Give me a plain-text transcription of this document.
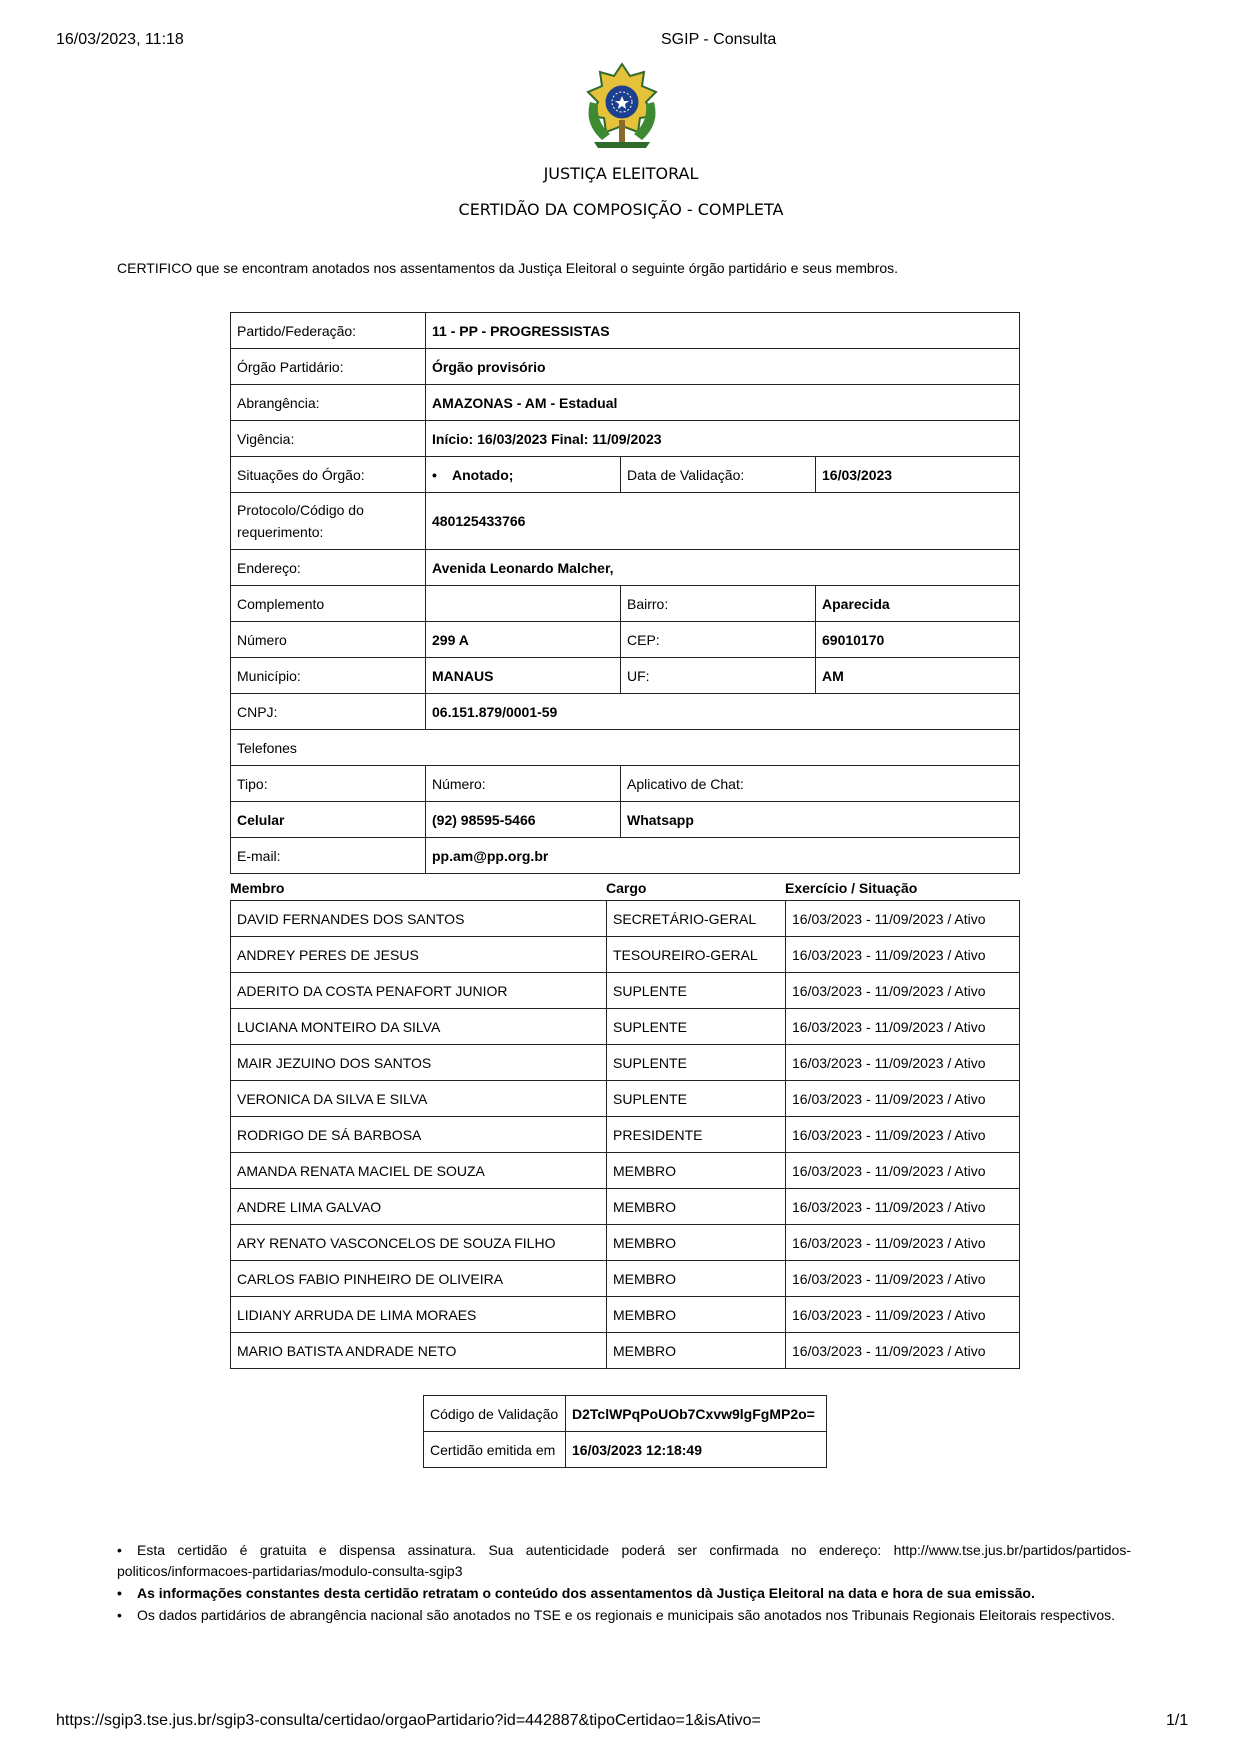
16/03/2023, 11:18	SGIP - Consulta
JUSTIÇA ELEITORAL
CERTIDÃO DA COMPOSIÇÃO - COMPLETA
CERTIFICO que se encontram anotados nos assentamentos da Justiça Eleitoral o seguinte órgão partidário e seus membros.
Partido/Federação:	11 - PP - PROGRESSISTAS		
Órgão Partidário:	Órgão provisório		
Abrangência:	AMAZONAS - AM - Estadual		
Vigência:	Início: 16/03/2023 Final: 11/09/2023		
Situações do Órgão:	• Anotado;	Data de Validação:	16/03/2023
Protocolo/Código do requerimento:	480125433766		
Endereço:	Avenida Leonardo Malcher,		
Complemento		Bairro:	Aparecida
Número	299 A	CEP:	69010170
Município:	MANAUS	UF:	AM
CNPJ:	06.151.879/0001-59		
Telefones			
Tipo:	Número:	Aplicativo de Chat:	
Celular	(92) 98595-5466	Whatsapp	
E-mail:	pp.am@pp.org.br		
Membro	Cargo	Exercício / Situação
DAVID FERNANDES DOS SANTOS	SECRETÁRIO-GERAL	16/03/2023 - 11/09/2023 / Ativo
ANDREY PERES DE JESUS	TESOUREIRO-GERAL	16/03/2023 - 11/09/2023 / Ativo
ADERITO DA COSTA PENAFORT JUNIOR	SUPLENTE	16/03/2023 - 11/09/2023 / Ativo
LUCIANA MONTEIRO DA SILVA	SUPLENTE	16/03/2023 - 11/09/2023 / Ativo
MAIR JEZUINO DOS SANTOS	SUPLENTE	16/03/2023 - 11/09/2023 / Ativo
VERONICA DA SILVA E SILVA	SUPLENTE	16/03/2023 - 11/09/2023 / Ativo
RODRIGO DE SÁ BARBOSA	PRESIDENTE	16/03/2023 - 11/09/2023 / Ativo
AMANDA RENATA MACIEL DE SOUZA	MEMBRO	16/03/2023 - 11/09/2023 / Ativo
ANDRE LIMA GALVAO	MEMBRO	16/03/2023 - 11/09/2023 / Ativo
ARY RENATO VASCONCELOS DE SOUZA FILHO	MEMBRO	16/03/2023 - 11/09/2023 / Ativo
CARLOS FABIO PINHEIRO DE OLIVEIRA	MEMBRO	16/03/2023 - 11/09/2023 / Ativo
LIDIANY ARRUDA DE LIMA MORAES	MEMBRO	16/03/2023 - 11/09/2023 / Ativo
MARIO BATISTA ANDRADE NETO	MEMBRO	16/03/2023 - 11/09/2023 / Ativo
Código de Validação	D2TclWPqPoUOb7Cxvw9lgFgMP2o=
Certidão emitida em	16/03/2023 12:18:49

• Esta certidão é gratuita e dispensa assinatura. Sua autenticidade poderá ser confirmada no endereço: http://www.tse.jus.br/partidos/partidos-politicos/informacoes-partidarias/modulo-consulta-sgip3

• As informações constantes desta certidão retratam o conteúdo dos assentamentos dà Justiça Eleitoral na data e hora de sua emissão.

• Os dados partidários de abrangência nacional são anotados no TSE e os regionais e municipais são anotados nos Tribunais Regionais Eleitorais respectivos.

https://sgip3.tse.jus.br/sgip3-consulta/certidao/orgaoPartidario?id=442887&tipoCertidao=1&isAtivo=	1/1
